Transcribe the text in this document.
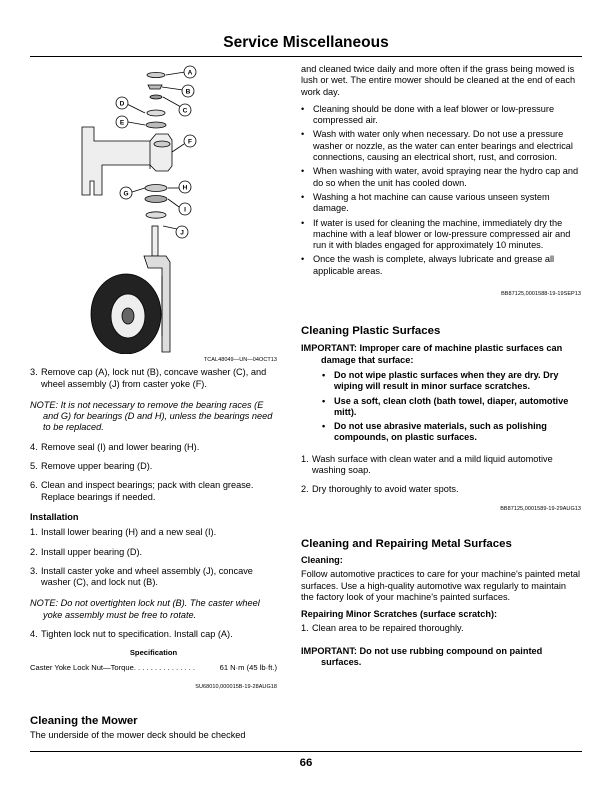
Service Miscellaneous
A
B
C
D
E
F
G
H
I
J
TCAL48049—UN—04OCT13
3. Remove cap (A), lock nut (B), concave washer (C), and wheel assembly (J) from caster yoke (F).

NOTE: It is not necessary to remove the bearing races (E and G) for bearings (D and H), unless the bearings need to be replaced.

4. Remove seal (I) and lower bearing (H).
5. Remove upper bearing (D).
6. Clean and inspect bearings; pack with clean grease. Replace bearings if needed.

Installation

1. Install lower bearing (H) and a new seal (I).
2. Install upper bearing (D).
3. Install caster yoke and wheel assembly (J), concave washer (C), and lock nut (B).

NOTE: Do not overtighten lock nut (B). The caster wheel yoke assembly must be free to rotate.

4. Tighten lock nut to specification. Install cap (A).

Specification

Caster Yoke Lock Nut—Torque. . . . . . . . . . . . . . .	61 N·m (45 lb·ft.)
SU68010,000015B-19-28AUG18

Cleaning the Mower

The underside of the mower deck should be checked

and cleaned twice daily and more often if the grass being mowed is lush or wet. The entire mower should be cleaned at the end of each work day.

• Cleaning should be done with a leaf blower or low-pressure compressed air.
• Wash with water only when necessary. Do not use a pressure washer or nozzle, as the water can enter bearings and electrical connections, causing an electrical short, rust, and corrosion.
• When washing with water, avoid spraying near the hydro cap and do so when the unit has cooled down.
• Washing a hot machine can cause various unseen system damage.
• If water is used for cleaning the machine, immediately dry the machine with a leaf blower or low-pressure compressed air and run it with blades engaged for approximately 10 minutes.
• Once the wash is complete, always lubricate and grease all applicable areas.
BB87125,0001588-19-19SEP13

Cleaning Plastic Surfaces

IMPORTANT: Improper care of machine plastic surfaces can damage that surface:

• Do not wipe plastic surfaces when they are dry. Dry wiping will result in minor surface scratches.
• Use a soft, clean cloth (bath towel, diaper, automotive mitt).
• Do not use abrasive materials, such as polishing compounds, on plastic surfaces.
1. Wash surface with clean water and a mild liquid automotive washing soap.
2. Dry thoroughly to avoid water spots.
BB87125,0001589-19-29AUG13

Cleaning and Repairing Metal Surfaces

Cleaning:

Follow automotive practices to care for your machine's painted metal surfaces. Use a high-quality automotive wax regularly to maintain the factory look of your machine's painted surfaces.

Repairing Minor Scratches (surface scratch):

1. Clean area to be repaired thoroughly.

IMPORTANT: Do not use rubbing compound on painted surfaces.

66
